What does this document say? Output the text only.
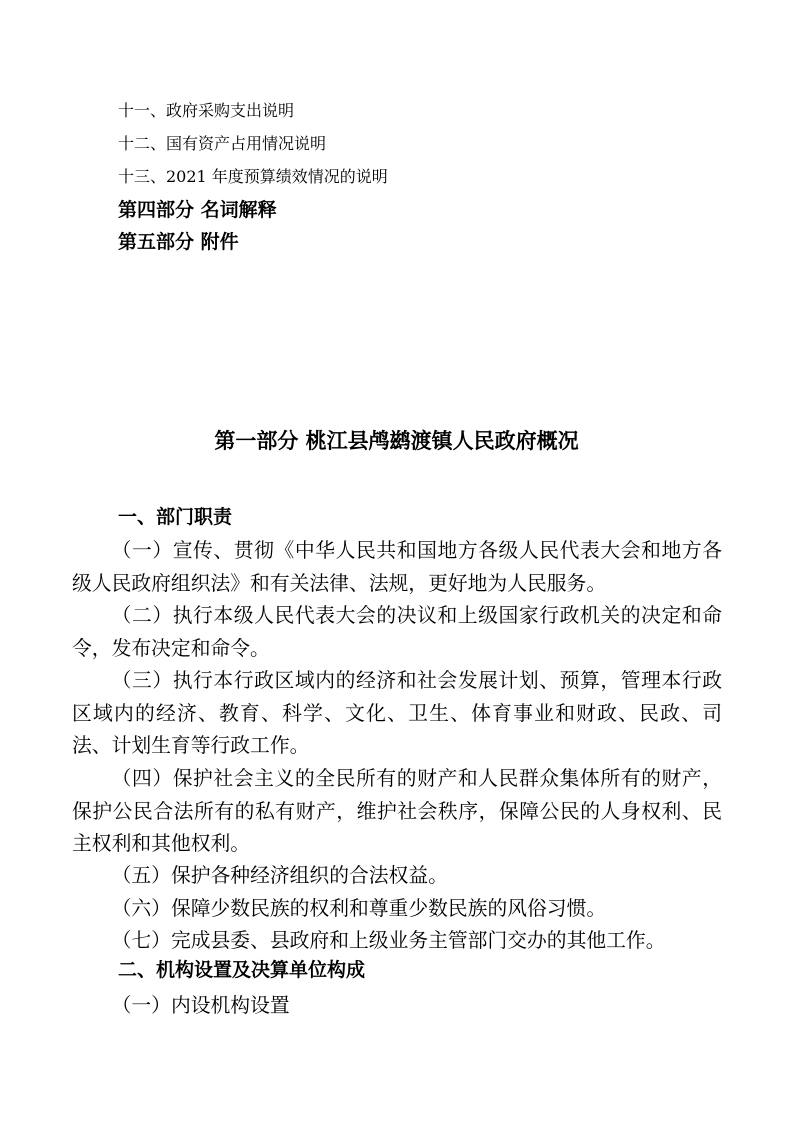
十一、政府采购支出说明

十二、国有资产占用情况说明

十三、2021 年度预算绩效情况的说明

第四部分 名词解释

第五部分 附件

第一部分 桃江县鸬鹚渡镇人民政府概况
一、部门职责

（一）宣传、贯彻《中华人民共和国地方各级人民代表大会和地方各级人民政府组织法》和有关法律、法规，更好地为人民服务。

（二）执行本级人民代表大会的决议和上级国家行政机关的决定和命令，发布决定和命令。

（三）执行本行政区域内的经济和社会发展计划、预算，管理本行政区域内的经济、教育、科学、文化、卫生、体育事业和财政、民政、司法、计划生育等行政工作。

（四）保护社会主义的全民所有的财产和人民群众集体所有的财产，保护公民合法所有的私有财产，维护社会秩序，保障公民的人身权利、民主权利和其他权利。

（五）保护各种经济组织的合法权益。

（六）保障少数民族的权利和尊重少数民族的风俗习惯。

（七）完成县委、县政府和上级业务主管部门交办的其他工作。

二、机构设置及决算单位构成

（一）内设机构设置
